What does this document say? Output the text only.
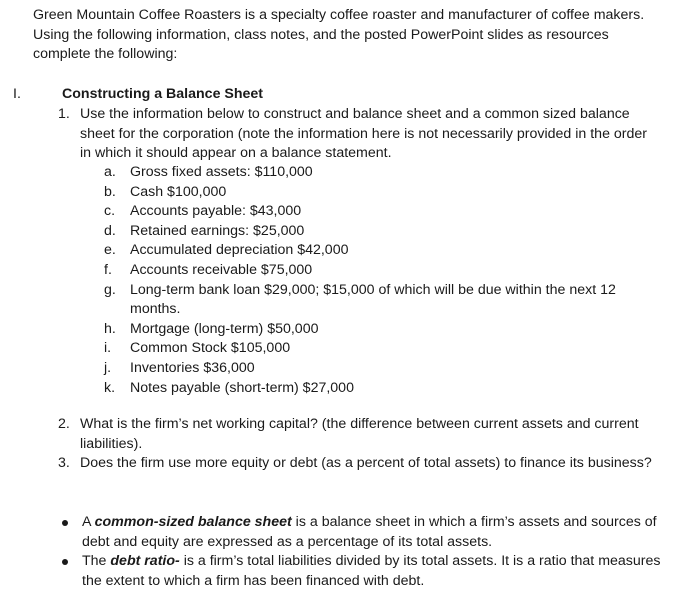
Green Mountain Coffee Roasters is a specialty coffee roaster and manufacturer of coffee makers. Using the following information, class notes, and the posted PowerPoint slides as resources complete the following:
I.	Constructing a Balance Sheet
1. Use the information below to construct and balance sheet and a common sized balance sheet for the corporation (note the information here is not necessarily provided in the order in which it should appear on a balance statement.
a. Gross fixed assets: $110,000
b. Cash $100,000
c. Accounts payable: $43,000
d. Retained earnings: $25,000
e. Accumulated depreciation $42,000
f. Accounts receivable $75,000
g. Long-term bank loan $29,000; $15,000 of which will be due within the next 12 months.
h. Mortgage (long-term) $50,000
i. Common Stock $105,000
j. Inventories $36,000
k. Notes payable (short-term) $27,000
2. What is the firm’s net working capital? (the difference between current assets and current liabilities).
3. Does the firm use more equity or debt (as a percent of total assets) to finance its business?
A common-sized balance sheet is a balance sheet in which a firm’s assets and sources of debt and equity are expressed as a percentage of its total assets.
The debt ratio- is a firm’s total liabilities divided by its total assets. It is a ratio that measures the extent to which a firm has been financed with debt.
